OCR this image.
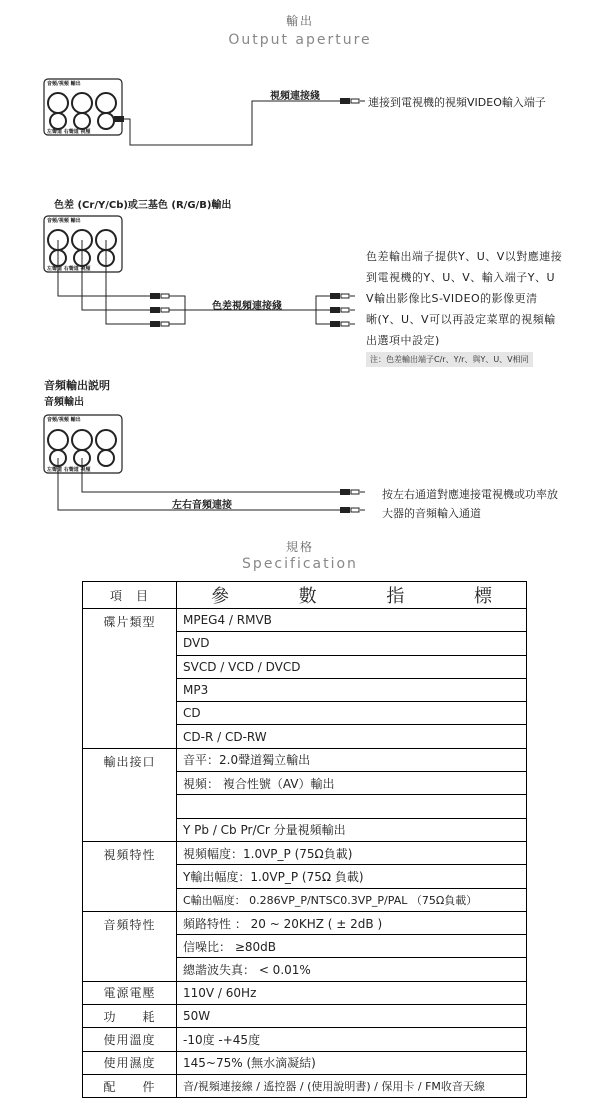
輸出
Output aperture
音頻/視頻 輸出
左聲道 右聲道 視頻
視頻連接綫	連接到電視機的視頻VIDEO輸入端子
色差 (Cr/Y/Cb)或三基色 (R/G/B)輸出
音頻/視頻 輸出
左聲道 右聲道 視頻
色差視頻連接綫
色差輸出端子提供Y、U、V以對應連接
到電視機的Y、U、V、輸入端子Y、U
V輸出影像比S-VIDEO的影像更清
晰(Y、U、V可以再設定菜單的視頻輸
出選項中設定)
注：色差輸出端子C/r、Y/r、與Y、U、V相同
音頻輸出説明
音頻輸出
音頻/視頻 輸出
左聲道 右聲道 視頻
左右音頻連接
按左右通道對應連接電視機或功率放
大器的音頻輸入通道
規格
Specification
項　目	參 數 指 標

碟片類型	MPEG4 / RMVB
	DVD
	SVCD / VCD / DVCD
	MP3
	CD
	CD-R / CD-RW
輸出接口	音平：2.0聲道獨立輸出
	視頻： 複合性號（AV）輸出

	Y Pb / Cb Pr/Cr 分量視頻輸出
視頻特性	視頻幅度：1.0VP_P (75Ω負載)
	Y輸出幅度：1.0VP_P (75Ω 負載)
	C輸出幅度： 0.286VP_P/NTSC0.3VP_P/PAL （75Ω負載）
音頻特性	頻路特性 ： 20 ~ 20KHZ ( ± 2dB )
	信噪比： ≥80dB
	總諧波失真： < 0.01%
電源電壓	110V / 60Hz
功　　耗	50W
使用溫度	-10度 -+45度
使用濕度	145~75% (無水滴凝結)
配　　件	音/視頻連接線 / 遙控器 / (使用說明書) / 保用卡 / FM收音天線
